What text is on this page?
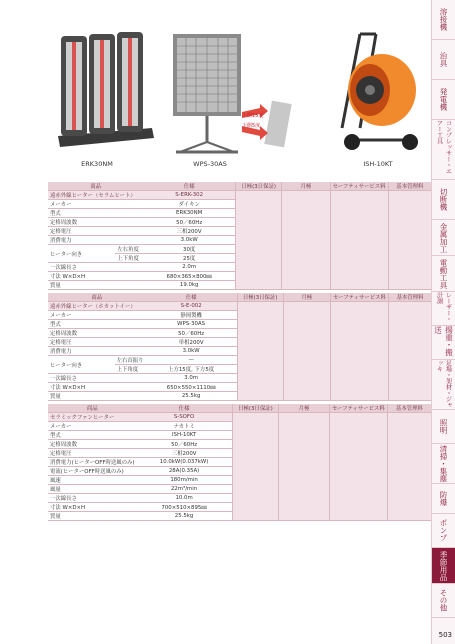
ERK30NM	WPS-30AS
上側15度
下側5度
ISH-10KT
商品		仕様	日極(3日保証)	月極	セーフティサービス料	基本管理料
遠赤外線ヒーター（セラムヒート）		S-ERK-302				
メーカー		ダイキン				
型式		ERK30NM				
定格周波数		50／60Hz				
定格電圧		三相200V				
消費電力		3.0kW				
ヒーター向き	左右角度	30度				
	上下角度	25度				
一次線長さ		2.0m				
寸法 W×D×H		680×365×800㎜				
質量		19.0kg				
商品		仕様	日極(3日保証)	月極	セーフティサービス料	基本管理料
遠赤外線ヒーター（ホカットイー）		S-E-002				
メーカー		静岡製機				
型式		WPS-30AS				
定格周波数		50／60Hz				
定格電圧		単相200V				
消費電力		3.0kW				
ヒーター向き	左右首振り	—				
	上下角度	上方15度, 下方5度				
一次線長さ		3.0m				
寸法 W×D×H		650×550×1110㎜				
質量		25.5kg				
商品	仕様	日極(3日保証)	月極	セーフティサービス料	基本管理料
セラミックファンヒーター	S-SOFO				
メーカー	ナカトミ				
型式	ISH-10KT				
定格周波数	50／60Hz				
定格電圧	三相200V				
消費電力(ヒーターOFF時送風のみ)	10.0kW(0.037kW)				
電流(ヒーターOFF時送風のみ)	28A(0.35A)				
風速	180m/min				
風量	22m³/min				
一次線長さ	10.0m				
寸法 W×D×H	700×510×895㎜				
質量	25.5kg				
溶接機
治具
発電機
コンプレッサー・エアー工具
切断機
金属加工
電動工具
レーザー・計測
揚重・搬送
足場・架材・ジャッキ
照明
清掃・集塵
防爆
ポンプ
季節用品
その他
503
